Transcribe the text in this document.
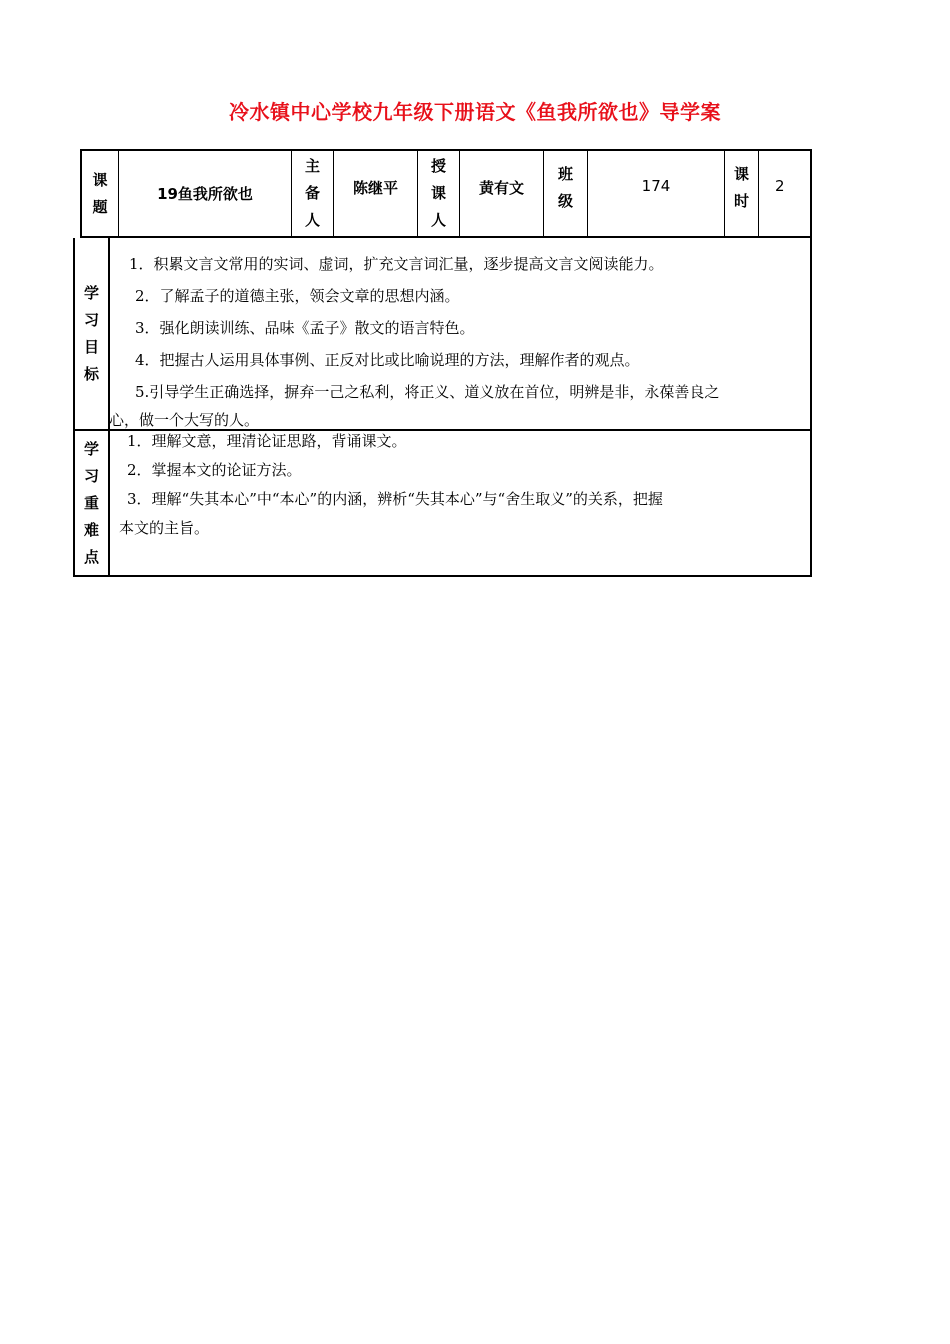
冷水镇中心学校九年级下册语文《鱼我所欲也》导学案
课题
19鱼我所欲也
主备人
陈继平
授课人
黄有文
班级
174
课时
2
学习目标

1．积累文言文常用的实词、虚词，扩充文言词汇量，逐步提高文言文阅读能力。

2．了解孟子的道德主张，领会文章的思想内涵。

3．强化朗读训练、品味《孟子》散文的语言特色。

4．把握古人运用具体事例、正反对比或比喻说理的方法，理解作者的观点。

5.引导学生正确选择，摒弃一己之私利，将正义、道义放在首位，明辨是非，永葆善良之

心，做一个大写的人。

学习重难点

1．理解文意，理清论证思路，背诵课文。

2．掌握本文的论证方法。

3．理解“失其本心”中“本心”的内涵，辨析“失其本心”与“舍生取义”的关系，把握

本文的主旨。
